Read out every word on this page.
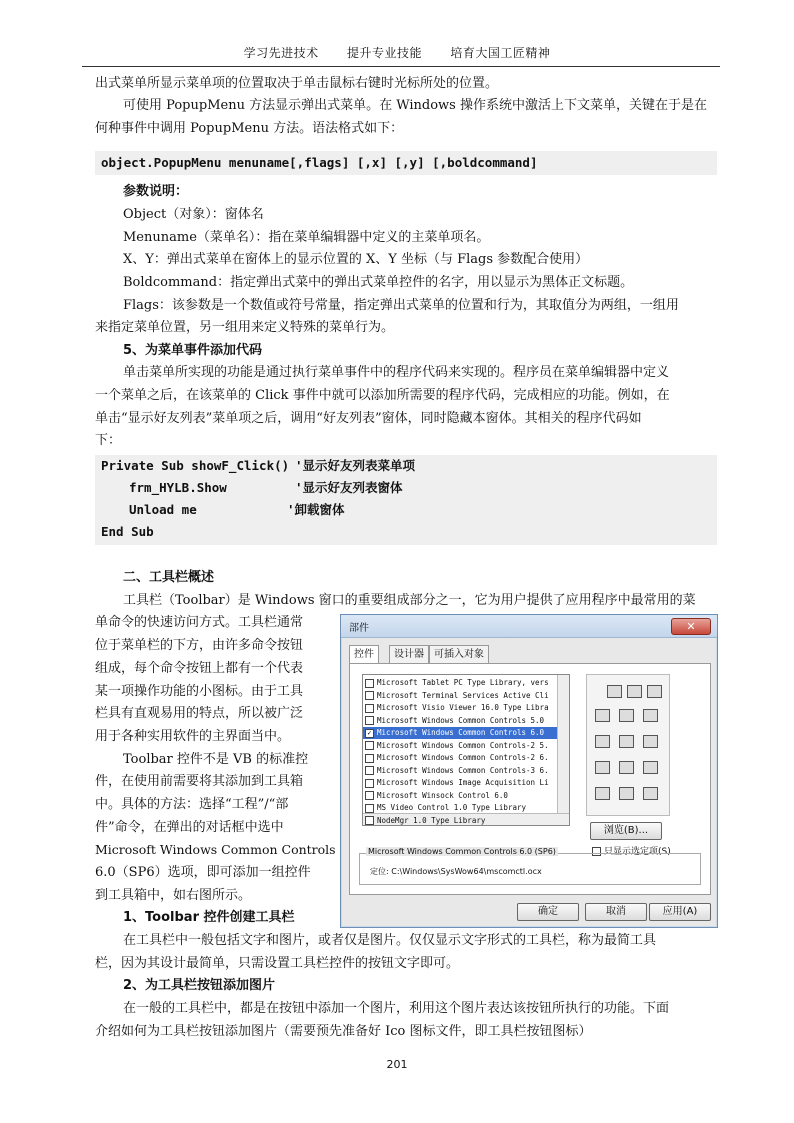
学习先进技术 提升专业技能 培育大国工匠精神
出式菜单所显示菜单项的位置取决于单击鼠标右键时光标所处的位置。
可使用 PopupMenu 方法显示弹出式菜单。在 Windows 操作系统中激活上下文菜单，关键在于是在
何种事件中调用 PopupMenu 方法。语法格式如下：
object.PopupMenu menuname[,flags] [,x] [,y] [,boldcommand]
参数说明：
Object（对象）：窗体名
Menuname（菜单名）：指在菜单编辑器中定义的主菜单项名。
X、Y：弹出式菜单在窗体上的显示位置的 X、Y 坐标（与 Flags 参数配合使用）
Boldcommand：指定弹出式菜中的弹出式菜单控件的名字，用以显示为黑体正文标题。
Flags：该参数是一个数值或符号常量，指定弹出式菜单的位置和行为，其取值分为两组，一组用
来指定菜单位置，另一组用来定义特殊的菜单行为。
5、为菜单事件添加代码
单击菜单所实现的功能是通过执行菜单事件中的程序代码来实现的。程序员在菜单编辑器中定义
一个菜单之后，在该菜单的 Click 事件中就可以添加所需要的程序代码，完成相应的功能。例如，在
单击“显示好友列表”菜单项之后，调用“好友列表”窗体，同时隐藏本窗体。其相关的程序代码如
下：
Private Sub showF_Click() '显示好友列表菜单项
frm_HYLB.Show	'显示好友列表窗体
Unload me	'卸载窗体
End Sub
二、工具栏概述
工具栏（Toolbar）是 Windows 窗口的重要组成部分之一，它为用户提供了应用程序中最常用的菜
单命令的快速访问方式。工具栏通常
位于菜单栏的下方，由许多命令按钮
组成，每个命令按钮上都有一个代表
某一项操作功能的小图标。由于工具
栏具有直观易用的特点，所以被广泛
用于各种实用软件的主界面当中。
Toolbar 控件不是 VB 的标准控
件，在使用前需要将其添加到工具箱
中。具体的方法：选择“工程”/“部
件”命令，在弹出的对话框中选中
Microsoft Windows Common Controls
6.0（SP6）选项，即可添加一组控件
到工具箱中，如右图所示。
1、Toolbar 控件创建工具栏
在工具栏中一般包括文字和图片，或者仅是图片。仅仅显示文字形式的工具栏，称为最简工具
栏，因为其设计最简单，只需设置工具栏控件的按钮文字即可。
2、为工具栏按钮添加图片
在一般的工具栏中，都是在按钮中添加一个图片，利用这个图片表达该按钮所执行的功能。下面
介绍如何为工具栏按钮添加图片（需要预先准备好 Ico 图标文件，即工具栏按钮图标）
部件	✕
控件	设计器	可插入对象
Microsoft Tablet PC Type Library, vers
Microsoft Terminal Services Active Cli
Microsoft Visio Viewer 16.0 Type Libra
Microsoft Windows Common Controls 5.0
✓ Microsoft Windows Common Controls 6.0
Microsoft Windows Common Controls-2 5.
Microsoft Windows Common Controls-2 6.
Microsoft Windows Common Controls-3 6.
Microsoft Windows Image Acquisition Li
Microsoft Winsock Control 6.0
MS Video Control 1.0 Type Library
NodeMgr 1.0 Type Library
浏览(B)...
只显示选定项(S)
Microsoft Windows Common Controls 6.0 (SP6)
定位: C:\Windows\SysWow64\mscomctl.ocx
确定	取消	应用(A)
201
